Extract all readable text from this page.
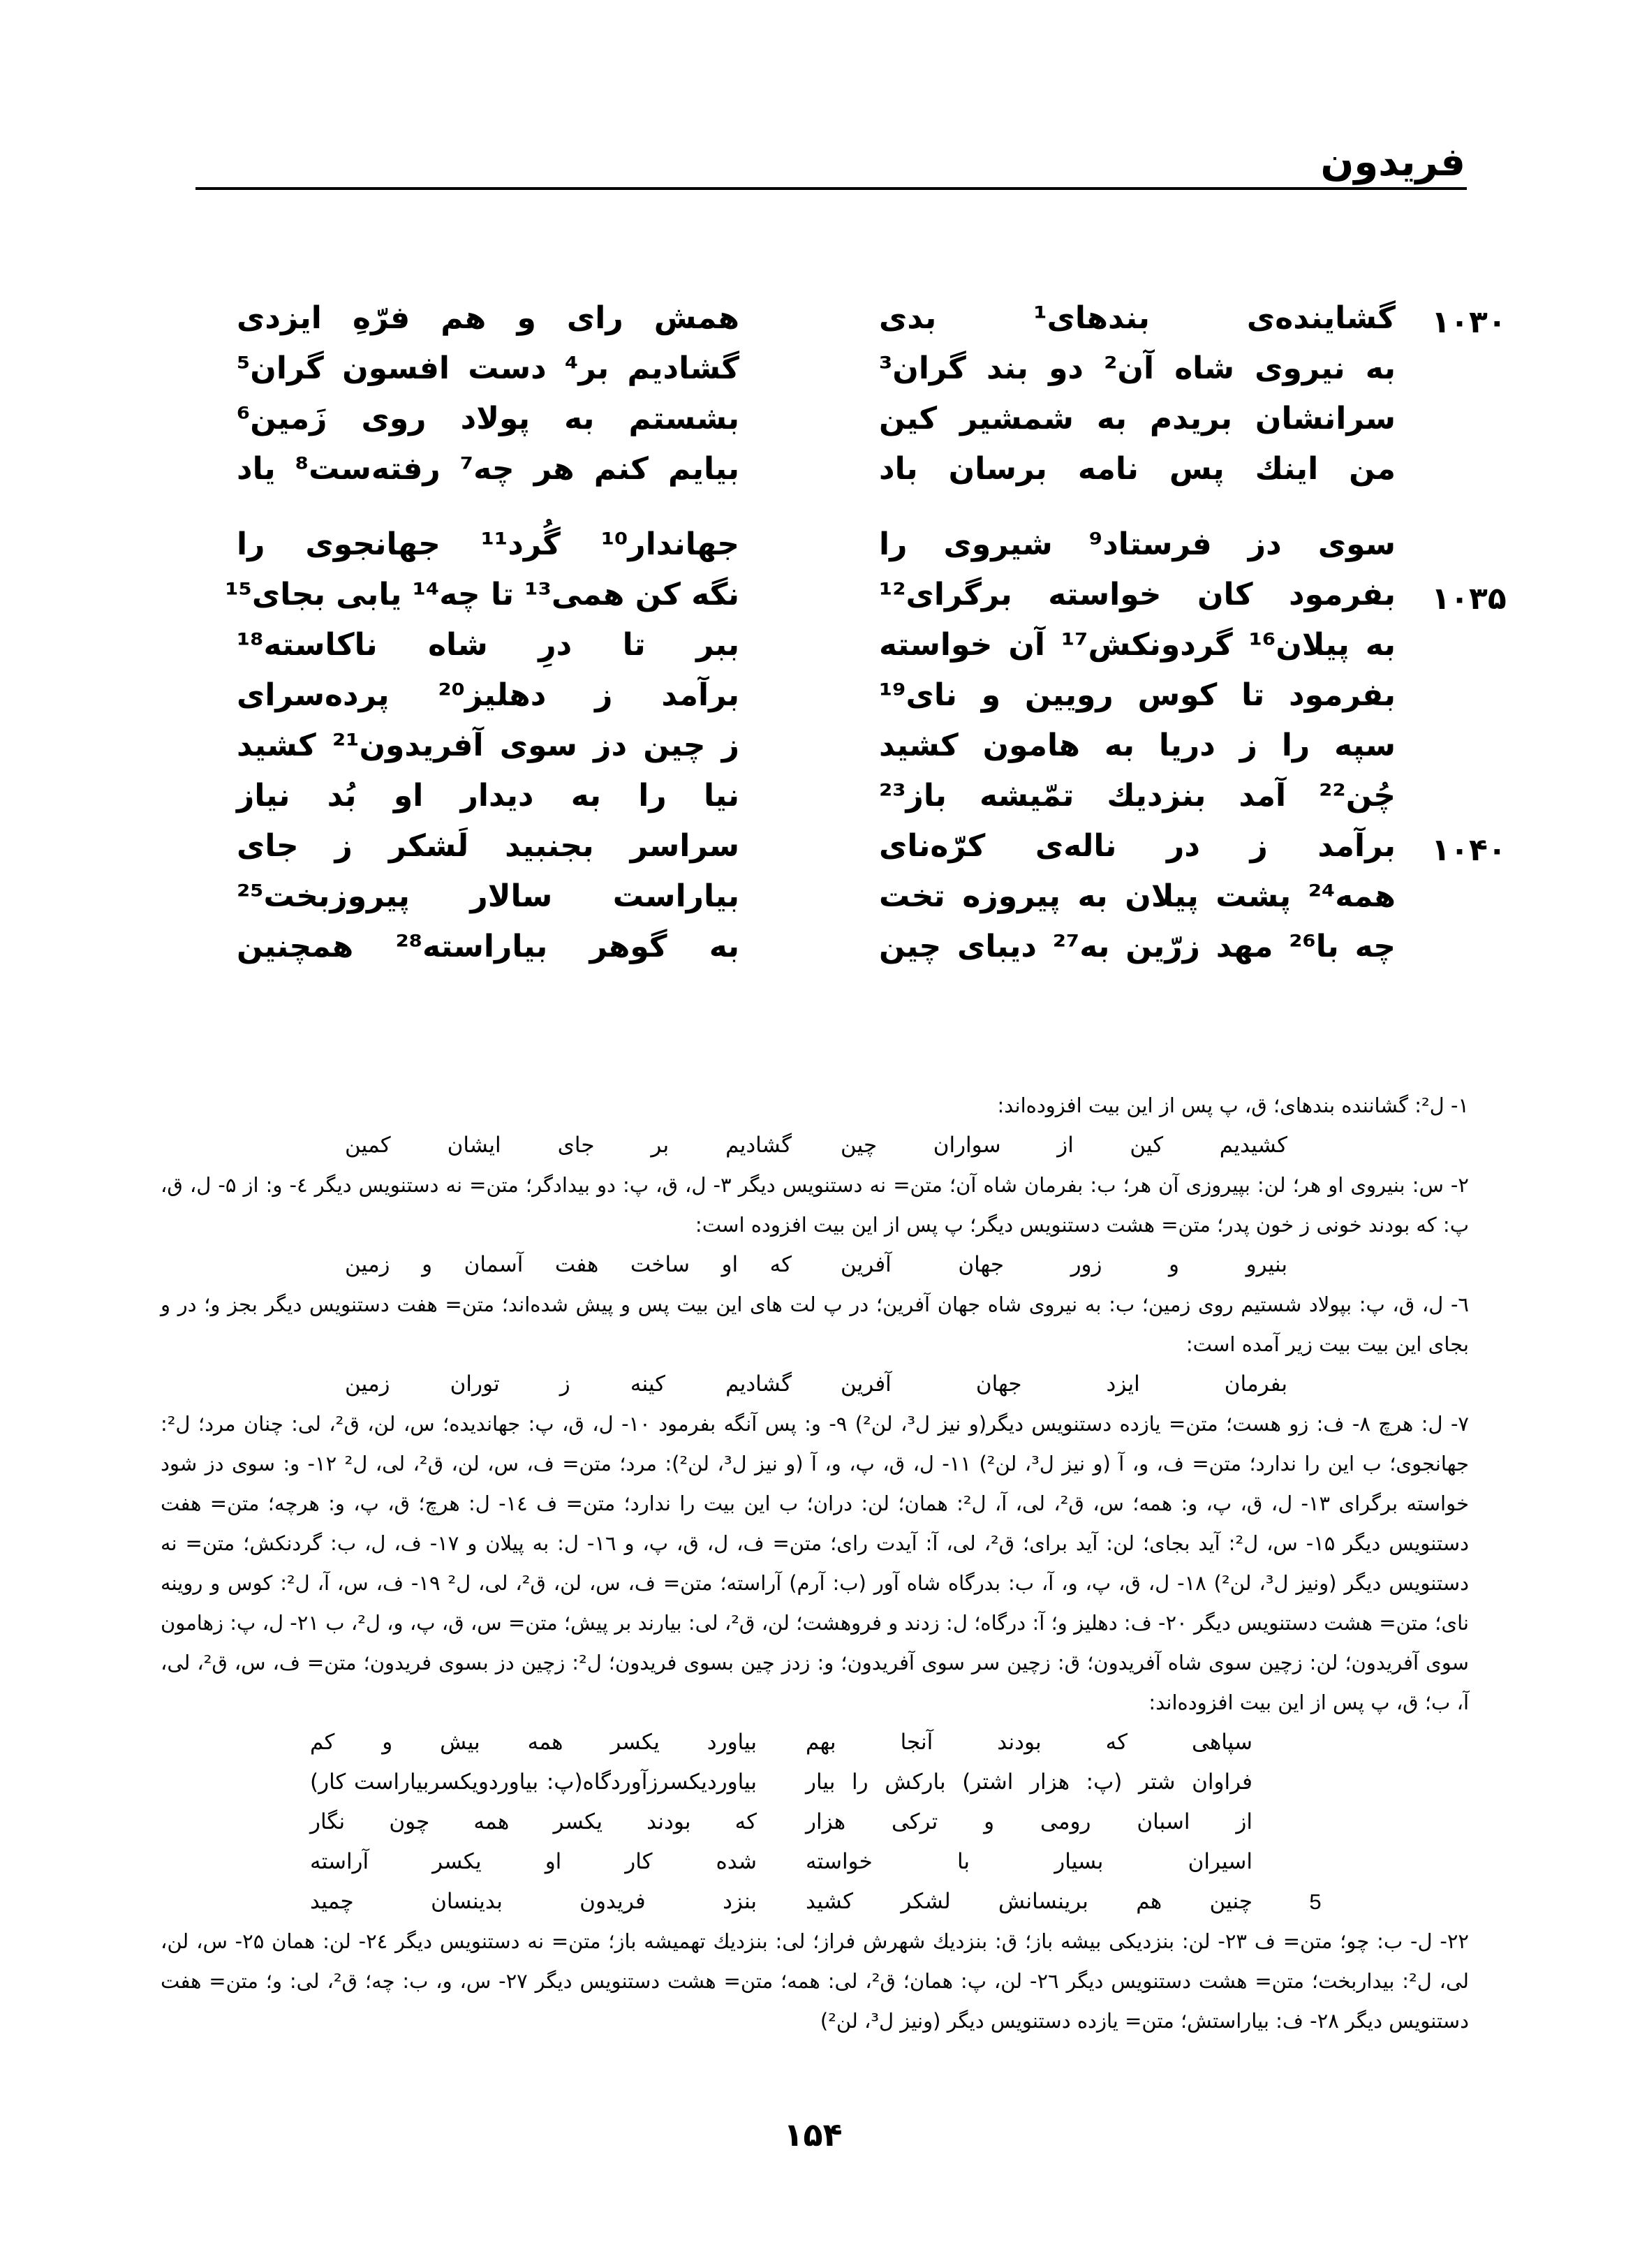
فریدون
۱۰۳۰
گشاینده‌ی بندهای¹ بدی
همش رای و هم فرّهِ ایزدی
به نیروی شاه آن² دو بند گران³
گشادیم بر⁴ دست افسون گران⁵
سرانشان بریدم به شمشیر کین
بشستم به پولاد روی زَمین⁶
من اینك پس نامه برسان باد
بیایم کنم هر چه⁷ رفته‌ست⁸ یاد
سوی دز فرستاد⁹ شیروی را
جهاندار¹⁰ گُرد¹¹ جهانجوی را
۱۰۳۵
بفرمود کان خواسته برگرای¹²
نگه کن همی¹³ تا چه¹⁴ یابی بجای¹⁵
به پیلان¹⁶ گردونکش¹⁷ آن خواسته
ببر تا درِ شاه ناکاسته¹⁸
بفرمود تا کوس رویین و نای¹⁹
برآمد ز دهلیز²⁰ پرده‌سرای
سپه را ز دریا به هامون کشید
ز چین دز سوی آفریدون²¹ کشید
چُن²² آمد بنزدیك تمّیشه باز²³
نیا را به دیدار او بُد نیاز
۱۰۴۰
برآمد ز در ناله‌ی کرّه‌نای
سراسر بجنبید لَشکر ز جای
همه²⁴ پشت پیلان به پیروزه تخت
بیاراست سالار پیروزبخت²⁵
چه با²⁶ مهد زرّین به²⁷ دیبای چین
به گوهر بیاراسته²⁸ همچنین

۱- ل²: گشاننده بندهای؛ ق، پ پس از این بیت افزوده‌اند:

کشیدیم کین از سواران چین
گشادیم بر جای ایشان کمین

۲- س: بنیروی او هر؛ لن: بپیروزی آن هر؛ ب: بفرمان شاه آن؛ متن= نه دستنویس دیگر ۳- ل، ق، پ: دو بیدادگر؛ متن= نه دستنویس دیگر ٤- و: از ۵- ل، ق، پ: که بودند خونی ز خون پدر؛ متن= هشت دستنویس دیگر؛ پ پس از این بیت افزوده است:

بنیرو و زور جهان آفرین
که او ساخت هفت آسمان و زمین

٦- ل، ق، پ: بپولاد شستیم روی زمین؛ ب: به نیروی شاه جهان آفرین؛ در پ لت های این بیت پس و پیش شده‌اند؛ متن= هفت دستنویس دیگر بجز و؛ در و بجای این بیت بیت زیر آمده است:

بفرمان ایزد جهان آفرین
گشادیم کینه ز توران زمین

۷- ل: هرچ ۸- ف: زو هست؛ متن= یازده دستنویس دیگر(و نیز ل³، لن²) ۹- و: پس آنگه بفرمود ۱۰- ل، ق، پ: جهاندیده؛ س، لن، ق²، لی: چنان مرد؛ ل²: جهانجوی؛ ب این را ندارد؛ متن= ف، و، آ (و نیز ل³، لن²) ۱۱- ل، ق، پ، و، آ (و نیز ل³، لن²): مرد؛ متن= ف، س، لن، ق²، لی، ل² ۱۲- و: سوی دز شود خواسته برگرای ۱۳- ل، ق، پ، و: همه؛ س، ق²، لی، آ، ل²: همان؛ لن: دران؛ ب این بیت را ندارد؛ متن= ف ١٤- ل: هرچ؛ ق، پ، و: هرچه؛ متن= هفت دستنویس دیگر ۱۵- س، ل²: آید بجای؛ لن: آید برای؛ ق²، لی، آ: آیدت رای؛ متن= ف، ل، ق، پ، و ١٦- ل: به پیلان و ۱۷- ف، ل، ب: گردنکش؛ متن= نه دستنویس دیگر (ونیز ل³، لن²) ۱۸- ل، ق، پ، و، آ، ب: بدرگاه شاه آور (ب: آرم) آراسته؛ متن= ف، س، لن، ق²، لی، ل² ۱۹- ف، س، آ، ل²: کوس و روینه نای؛ متن= هشت دستنویس دیگر ۲۰- ف: دهلیز و؛ آ: درگاه؛ ل: زدند و فروهشت؛ لن، ق²، لی: بیارند بر پیش؛ متن= س، ق، پ، و، ل²، ب ۲۱- ل، پ: زهامون سوی آفریدون؛ لن: زچین سوی شاه آفریدون؛ ق: زچین سر سوی آفریدون؛ و: زدز چین بسوی فریدون؛ ل²: زچین دز بسوی فریدون؛ متن= ف، س، ق²، لی، آ، ب؛ ق، پ پس از این بیت افزوده‌اند:

سپاهی که بودند آنجا بهم
بیاورد یکسر همه بیش و کم
فراوان شتر (پ: هزار اشتر) بارکش را بیار
بیاوردیکسرزآوردگاه(پ: بیاوردویکسربیاراست کار)
از اسبان رومی و ترکی هزار
که بودند یکسر همه چون نگار
اسیران بسیار با خواسته
شده کار او یکسر آراسته
5
چنین هم برینسانش لشکر کشید
بنزد فریدون بدینسان چمید

۲۲- ل- ب: چو؛ متن= ف ۲۳- لن: بنزدیکی بیشه باز؛ ق: بنزدیك شهرش فراز؛ لی: بنزدیك تهمیشه باز؛ متن= نه دستنویس دیگر ٢٤- لن: همان ۲۵- س، لن، لی، ل²: بیداربخت؛ متن= هشت دستنویس دیگر ۲٦- لن، پ: همان؛ ق²، لی: همه؛ متن= هشت دستنویس دیگر ۲۷- س، و، ب: چه؛ ق²، لی: و؛ متن= هفت دستنویس دیگر ۲۸- ف: بیاراستش؛ متن= یازده دستنویس دیگر (ونیز ل³، لن²)

۱۵۴
